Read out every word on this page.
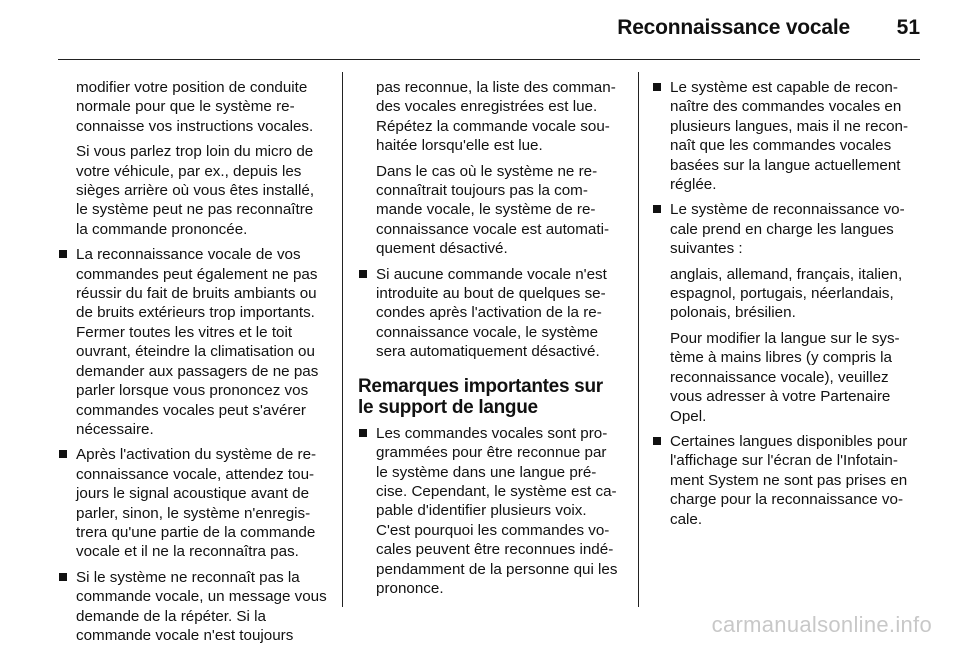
Reconnaissance vocale	51

modifier votre position de conduite normale pour que le système reconnaisse vos instructions vocales.

Si vous parlez trop loin du micro de votre véhicule, par ex., depuis les sièges arrière où vous êtes installé, le système peut ne pas reconnaître la commande prononcée.

La reconnaissance vocale de vos commandes peut également ne pas réussir du fait de bruits ambiants ou de bruits extérieurs trop importants. Fermer toutes les vitres et le toit ouvrant, éteindre la climatisation ou demander aux passagers de ne pas parler lorsque vous prononcez vos commandes vocales peut s'avérer nécessaire.
Après l'activation du système de reconnaissance vocale, attendez toujours le signal acoustique avant de parler, sinon, le système n'enregistrera qu'une partie de la commande vocale et il ne la reconnaîtra pas.
Si le système ne reconnaît pas la commande vocale, un message vous demande de la répéter. Si la commande vocale n'est toujours

pas reconnue, la liste des commandes vocales enregistrées est lue. Répétez la commande vocale souhaitée lorsqu'elle est lue.

Dans le cas où le système ne reconnaîtrait toujours pas la commande vocale, le système de reconnaissance vocale est automatiquement désactivé.

Si aucune commande vocale n'est introduite au bout de quelques secondes après l'activation de la reconnaissance vocale, le système sera automatiquement désactivé.
Remarques importantes sur le support de langue
Les commandes vocales sont programmées pour être reconnue par le système dans une langue précise. Cependant, le système est capable d'identifier plusieurs voix. C'est pourquoi les commandes vocales peuvent être reconnues indépendamment de la personne qui les prononce.
Le système est capable de reconnaître des commandes vocales en plusieurs langues, mais il ne reconnaît que les commandes vocales basées sur la langue actuellement réglée.
Le système de reconnaissance vocale prend en charge les langues suivantes :

anglais, allemand, français, italien, espagnol, portugais, néerlandais, polonais, brésilien.

Pour modifier la langue sur le système à mains libres (y compris la reconnaissance vocale), veuillez vous adresser à votre Partenaire Opel.

Certaines langues disponibles pour l'affichage sur l'écran de l'Infotainment System ne sont pas prises en charge pour la reconnaissance vocale.
carmanualsonline.info
